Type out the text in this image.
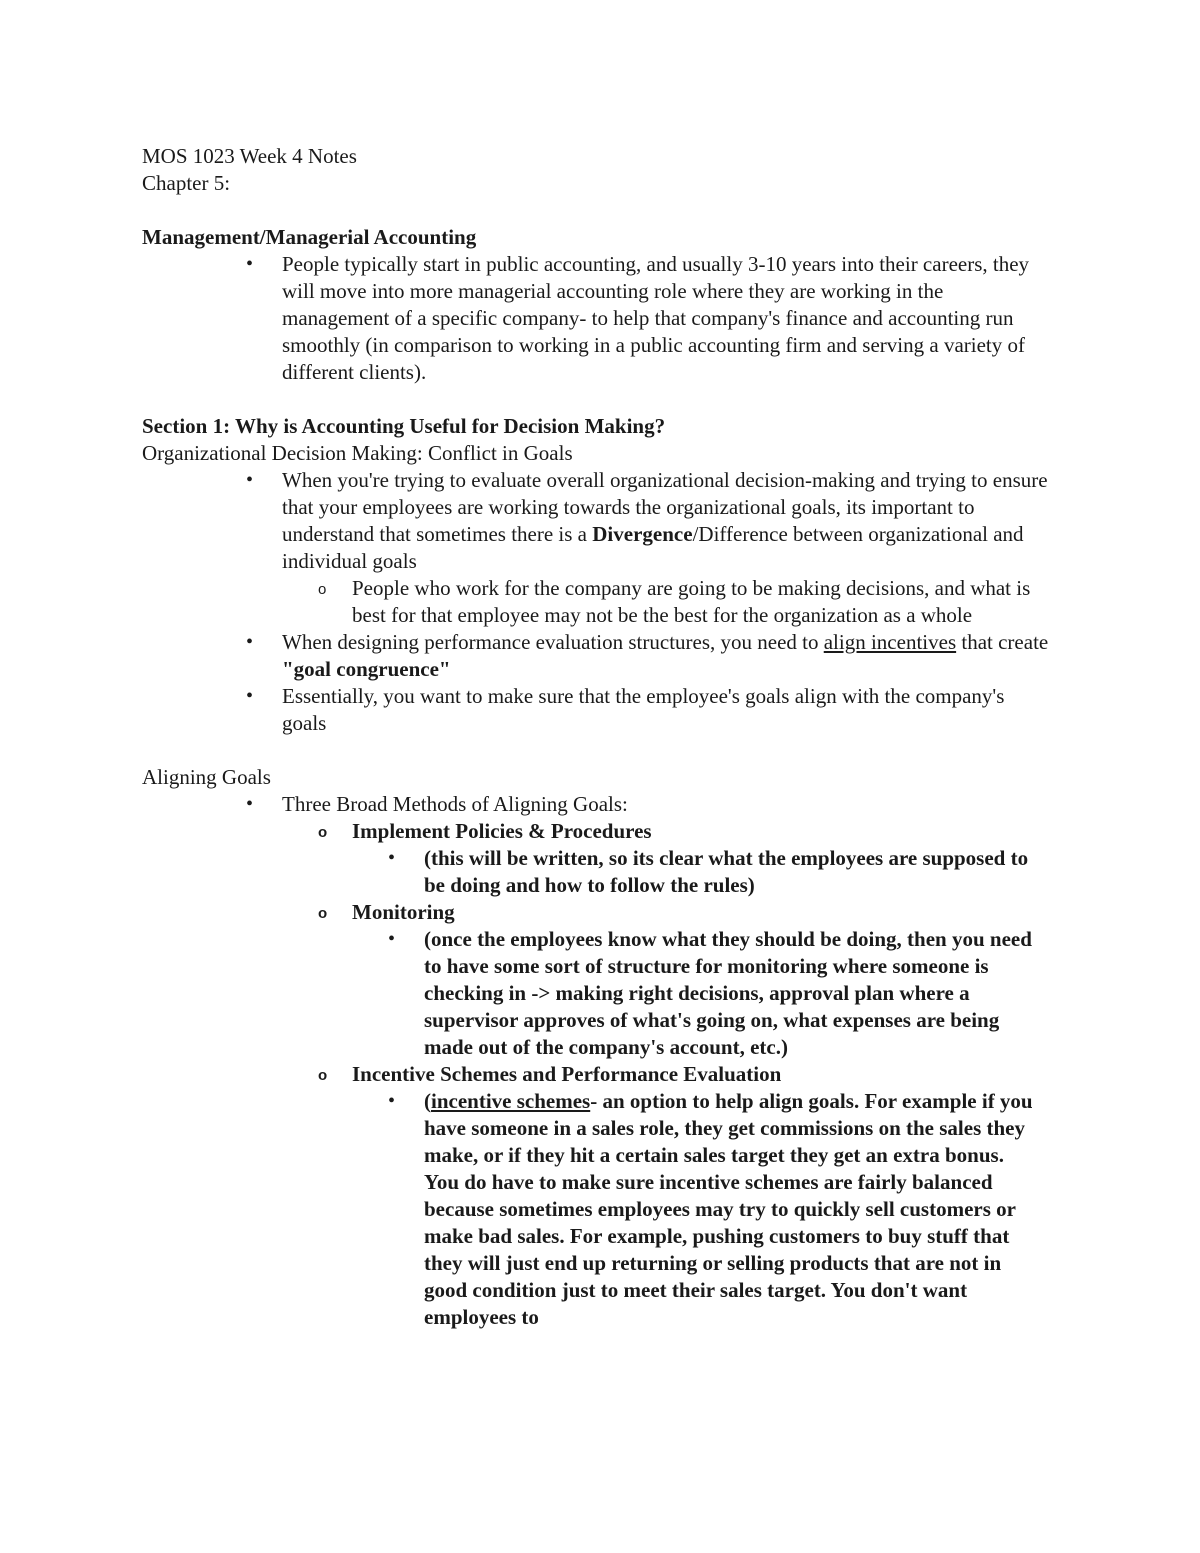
MOS 1023 Week 4 Notes

Chapter 5:

Management/Managerial Accounting

• People typically start in public accounting, and usually 3-10 years into their careers, they will move into more managerial accounting role where they are working in the management of a specific company- to help that company's finance and accounting run smoothly (in comparison to working in a public accounting firm and serving a variety of different clients).

Section 1: Why is Accounting Useful for Decision Making?

Organizational Decision Making: Conflict in Goals

• When you're trying to evaluate overall organizational decision-making and trying to ensure that your employees are working towards the organizational goals, its important to understand that sometimes there is a Divergence/Difference between organizational and individual goals
o People who work for the company are going to be making decisions, and what is best for that employee may not be the best for the organization as a whole
• When designing performance evaluation structures, you need to align incentives that create "goal congruence"
• Essentially, you want to make sure that the employee's goals align with the company's goals

Aligning Goals

• Three Broad Methods of Aligning Goals:
o Implement Policies & Procedures
• (this will be written, so its clear what the employees are supposed to be doing and how to follow the rules)
o Monitoring
• (once the employees know what they should be doing, then you need to have some sort of structure for monitoring where someone is checking in -> making right decisions, approval plan where a supervisor approves of what's going on, what expenses are being made out of the company's account, etc.)
o Incentive Schemes and Performance Evaluation
• (incentive schemes- an option to help align goals. For example if you have someone in a sales role, they get commissions on the sales they make, or if they hit a certain sales target they get an extra bonus. You do have to make sure incentive schemes are fairly balanced because sometimes employees may try to quickly sell customers or make bad sales. For example, pushing customers to buy stuff that they will just end up returning or selling products that are not in good condition just to meet their sales target. You don't want employees to
